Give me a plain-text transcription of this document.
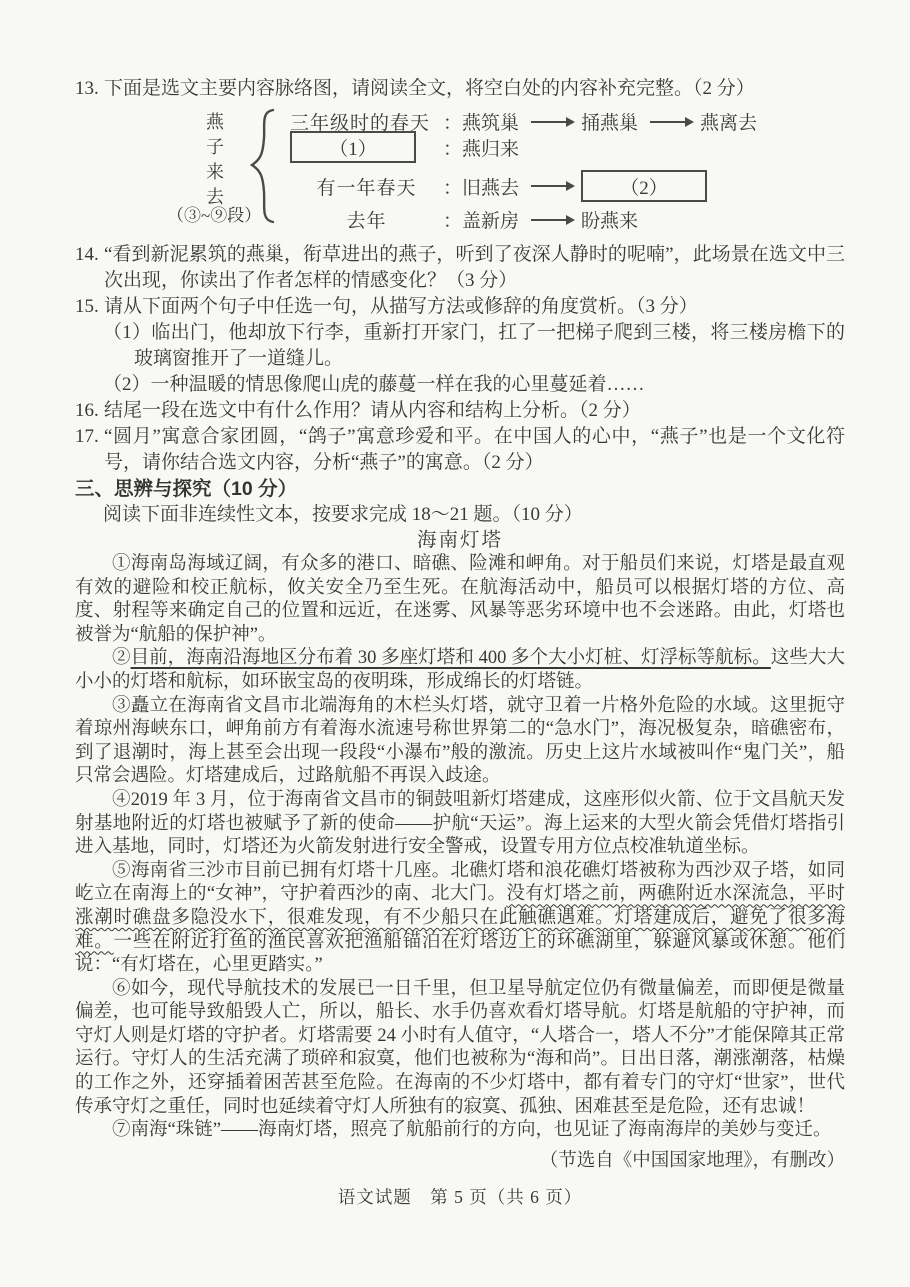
13. 下面是选文主要内容脉络图，请阅读全文，将空白处的内容补充完整。（2 分）

燕子来去
（③~⑨段）
三年级时的春天 ：燕筑巢	捅燕巢	燕离去
（1）	：燕归来
有一年春天 ：旧燕去	（2）
去年	：盖新房	盼燕来

14. “看到新泥累筑的燕巢，衔草进出的燕子，听到了夜深人静时的呢喃”，此场景在选文中三次出现，你读出了作者怎样的情感变化？（3 分）

15. 请从下面两个句子中任选一句，从描写方法或修辞的角度赏析。（3 分）

（1）临出门，他却放下行李，重新打开家门，扛了一把梯子爬到三楼，将三楼房檐下的玻璃窗推开了一道缝儿。

（2）一种温暖的情思像爬山虎的藤蔓一样在我的心里蔓延着……

16. 结尾一段在选文中有什么作用？请从内容和结构上分析。（2 分）

17. “圆月”寓意合家团圆，“鸽子”寓意珍爱和平。在中国人的心中，“燕子”也是一个文化符号，请你结合选文内容，分析“燕子”的寓意。（2 分）

三、思辨与探究（10 分）

阅读下面非连续性文本，按要求完成 18～21 题。（10 分）

海南灯塔

①海南岛海域辽阔，有众多的港口、暗礁、险滩和岬角。对于船员们来说，灯塔是最直观有效的避险和校正航标，攸关安全乃至生死。在航海活动中，船员可以根据灯塔的方位、高度、射程等来确定自己的位置和远近，在迷雾、风暴等恶劣环境中也不会迷路。由此，灯塔也被誉为“航船的保护神”。

②目前，海南沿海地区分布着 30 多座灯塔和 400 多个大小灯桩、灯浮标等航标。这些大大小小的灯塔和航标，如环嵌宝岛的夜明珠，形成绵长的灯塔链。

③矗立在海南省文昌市北端海角的木栏头灯塔，就守卫着一片格外危险的水域。这里扼守着琼州海峡东口，岬角前方有着海水流速号称世界第二的“急水门”，海况极复杂，暗礁密布，到了退潮时，海上甚至会出现一段段“小瀑布”般的激流。历史上这片水域被叫作“鬼门关”，船只常会遇险。灯塔建成后，过路航船不再误入歧途。

④2019 年 3 月，位于海南省文昌市的铜鼓咀新灯塔建成，这座形似火箭、位于文昌航天发射基地附近的灯塔也被赋予了新的使命——护航“天运”。海上运来的大型火箭会凭借灯塔指引进入基地，同时，灯塔还为火箭发射进行安全警戒，设置专用方位点校准轨道坐标。

⑤海南省三沙市目前已拥有灯塔十几座。北礁灯塔和浪花礁灯塔被称为西沙双子塔，如同屹立在南海上的“女神”，守护着西沙的南、北大门。没有灯塔之前，两礁附近水深流急，平时涨潮时礁盘多隐没水下，很难发现，有不少船只在此触礁遇难。灯塔建成后，避免了很多海难。一些在附近打鱼的渔民喜欢把渔船锚泊在灯塔边上的环礁湖里，躲避风暴或休憩。他们说：“有灯塔在，心里更踏实。”

⑥如今，现代导航技术的发展已一日千里，但卫星导航定位仍有微量偏差，而即便是微量偏差，也可能导致船毁人亡，所以，船长、水手仍喜欢看灯塔导航。灯塔是航船的守护神，而守灯人则是灯塔的守护者。灯塔需要 24 小时有人值守，“人塔合一，塔人不分”才能保障其正常运行。守灯人的生活充满了琐碎和寂寞，他们也被称为“海和尚”。日出日落，潮涨潮落，枯燥的工作之外，还穿插着困苦甚至危险。在海南的不少灯塔中，都有着专门的守灯“世家”，世代传承守灯之重任，同时也延续着守灯人所独有的寂寞、孤独、困难甚至是危险，还有忠诚！

⑦南海“珠链”——海南灯塔，照亮了航船前行的方向，也见证了海南海岸的美妙与变迁。

（节选自《中国国家地理》，有删改）

语文试题　第 5 页（共 6 页）
